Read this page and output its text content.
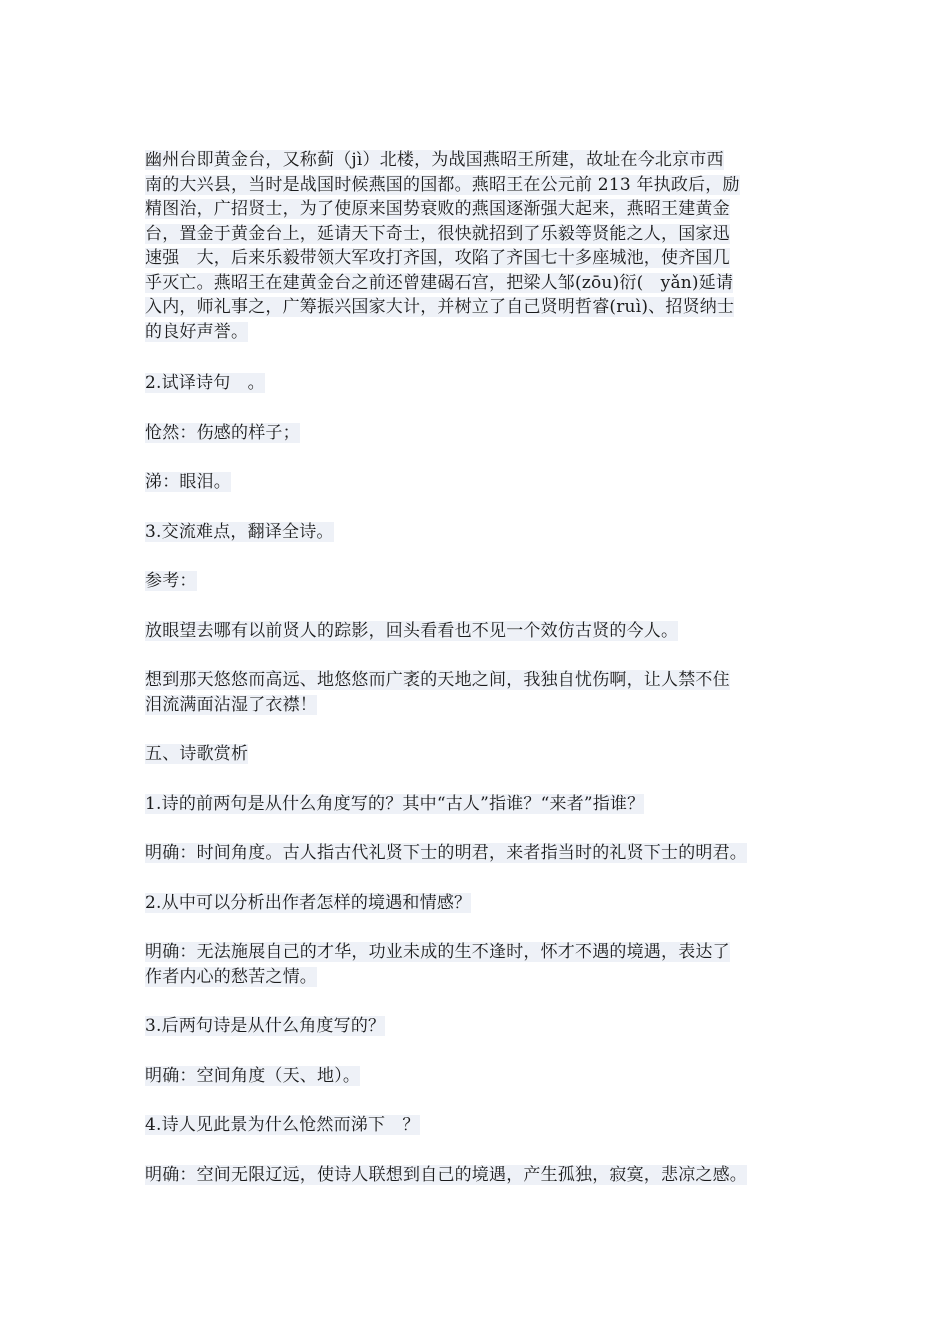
幽州台即黄金台，又称蓟（jì）北楼，为战国燕昭王所建，故址在今北京市西
南的大兴县，当时是战国时候燕国的国都。燕昭王在公元前 213 年执政后，励
精图治，广招贤士，为了使原来国势衰败的燕国逐渐强大起来，燕昭王建黄金
台，置金于黄金台上，延请天下奇士，很快就招到了乐毅等贤能之人，国家迅
速强　大，后来乐毅带领大军攻打齐国，攻陷了齐国七十多座城池，使齐国几
乎灭亡。燕昭王在建黄金台之前还曾建碣石宫，把梁人邹(zōu)衍(　yǎn)延请
入内，师礼事之，广筹振兴国家大计，并树立了自己贤明哲睿(ruì)、招贤纳士
的良好声誉。

2.试译诗句　。

怆然：伤感的样子；

涕：眼泪。

3.交流难点，翻译全诗。

参考：

放眼望去哪有以前贤人的踪影，回头看看也不见一个效仿古贤的今人。

想到那天悠悠而高远、地悠悠而广袤的天地之间，我独自忧伤啊，让人禁不住
泪流满面沾湿了衣襟！

五、诗歌赏析

1.诗的前两句是从什么角度写的？其中“古人”指谁？“来者”指谁？

明确：时间角度。古人指古代礼贤下士的明君，来者指当时的礼贤下士的明君。

2.从中可以分析出作者怎样的境遇和情感？

明确：无法施展自己的才华，功业未成的生不逢时，怀才不遇的境遇，表达了
作者内心的愁苦之情。

3.后两句诗是从什么角度写的？

明确：空间角度（天、地）。

4.诗人见此景为什么怆然而涕下　？

明确：空间无限辽远，使诗人联想到自己的境遇，产生孤独，寂寞，悲凉之感。
